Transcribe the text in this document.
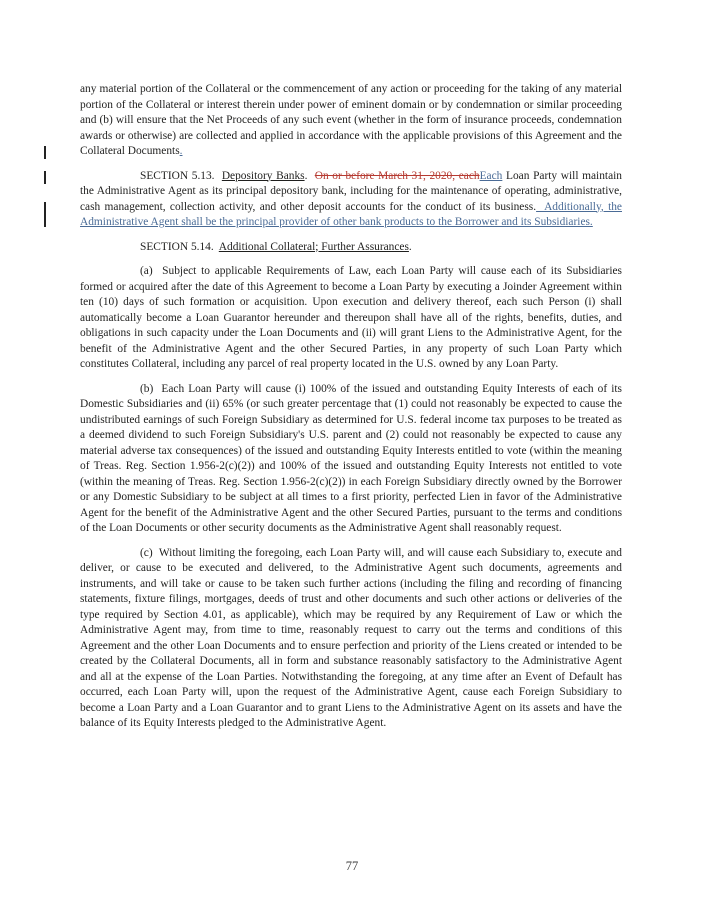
any material portion of the Collateral or the commencement of any action or proceeding for the taking of any material portion of the Collateral or interest therein under power of eminent domain or by condemnation or similar proceeding and (b) will ensure that the Net Proceeds of any such event (whether in the form of insurance proceeds, condemnation awards or otherwise) are collected and applied in accordance with the applicable provisions of this Agreement and the Collateral Documents.

SECTION 5.13.  Depository Banks.  On or before March 31, 2020, eachEach Loan Party will maintain the Administrative Agent as its principal depository bank, including for the maintenance of operating, administrative, cash management, collection activity, and other deposit accounts for the conduct of its business.  Additionally, the Administrative Agent shall be the principal provider of other bank products to the Borrower and its Subsidiaries.

SECTION 5.14.  Additional Collateral; Further Assurances.

(a)  Subject to applicable Requirements of Law, each Loan Party will cause each of its Subsidiaries formed or acquired after the date of this Agreement to become a Loan Party by executing a Joinder Agreement within ten (10) days of such formation or acquisition. Upon execution and delivery thereof, each such Person (i) shall automatically become a Loan Guarantor hereunder and thereupon shall have all of the rights, benefits, duties, and obligations in such capacity under the Loan Documents and (ii) will grant Liens to the Administrative Agent, for the benefit of the Administrative Agent and the other Secured Parties, in any property of such Loan Party which constitutes Collateral, including any parcel of real property located in the U.S. owned by any Loan Party.

(b)  Each Loan Party will cause (i) 100% of the issued and outstanding Equity Interests of each of its Domestic Subsidiaries and (ii) 65% (or such greater percentage that (1) could not reasonably be expected to cause the undistributed earnings of such Foreign Subsidiary as determined for U.S. federal income tax purposes to be treated as a deemed dividend to such Foreign Subsidiary's U.S. parent and (2) could not reasonably be expected to cause any material adverse tax consequences) of the issued and outstanding Equity Interests entitled to vote (within the meaning of Treas. Reg. Section 1.956-2(c)(2)) and 100% of the issued and outstanding Equity Interests not entitled to vote (within the meaning of Treas. Reg. Section 1.956-2(c)(2)) in each Foreign Subsidiary directly owned by the Borrower or any Domestic Subsidiary to be subject at all times to a first priority, perfected Lien in favor of the Administrative Agent for the benefit of the Administrative Agent and the other Secured Parties, pursuant to the terms and conditions of the Loan Documents or other security documents as the Administrative Agent shall reasonably request.

(c)  Without limiting the foregoing, each Loan Party will, and will cause each Subsidiary to, execute and deliver, or cause to be executed and delivered, to the Administrative Agent such documents, agreements and instruments, and will take or cause to be taken such further actions (including the filing and recording of financing statements, fixture filings, mortgages, deeds of trust and other documents and such other actions or deliveries of the type required by Section 4.01, as applicable), which may be required by any Requirement of Law or which the Administrative Agent may, from time to time, reasonably request to carry out the terms and conditions of this Agreement and the other Loan Documents and to ensure perfection and priority of the Liens created or intended to be created by the Collateral Documents, all in form and substance reasonably satisfactory to the Administrative Agent and all at the expense of the Loan Parties. Notwithstanding the foregoing, at any time after an Event of Default has occurred, each Loan Party will, upon the request of the Administrative Agent, cause each Foreign Subsidiary to become a Loan Party and a Loan Guarantor and to grant Liens to the Administrative Agent on its assets and have the balance of its Equity Interests pledged to the Administrative Agent.

77
